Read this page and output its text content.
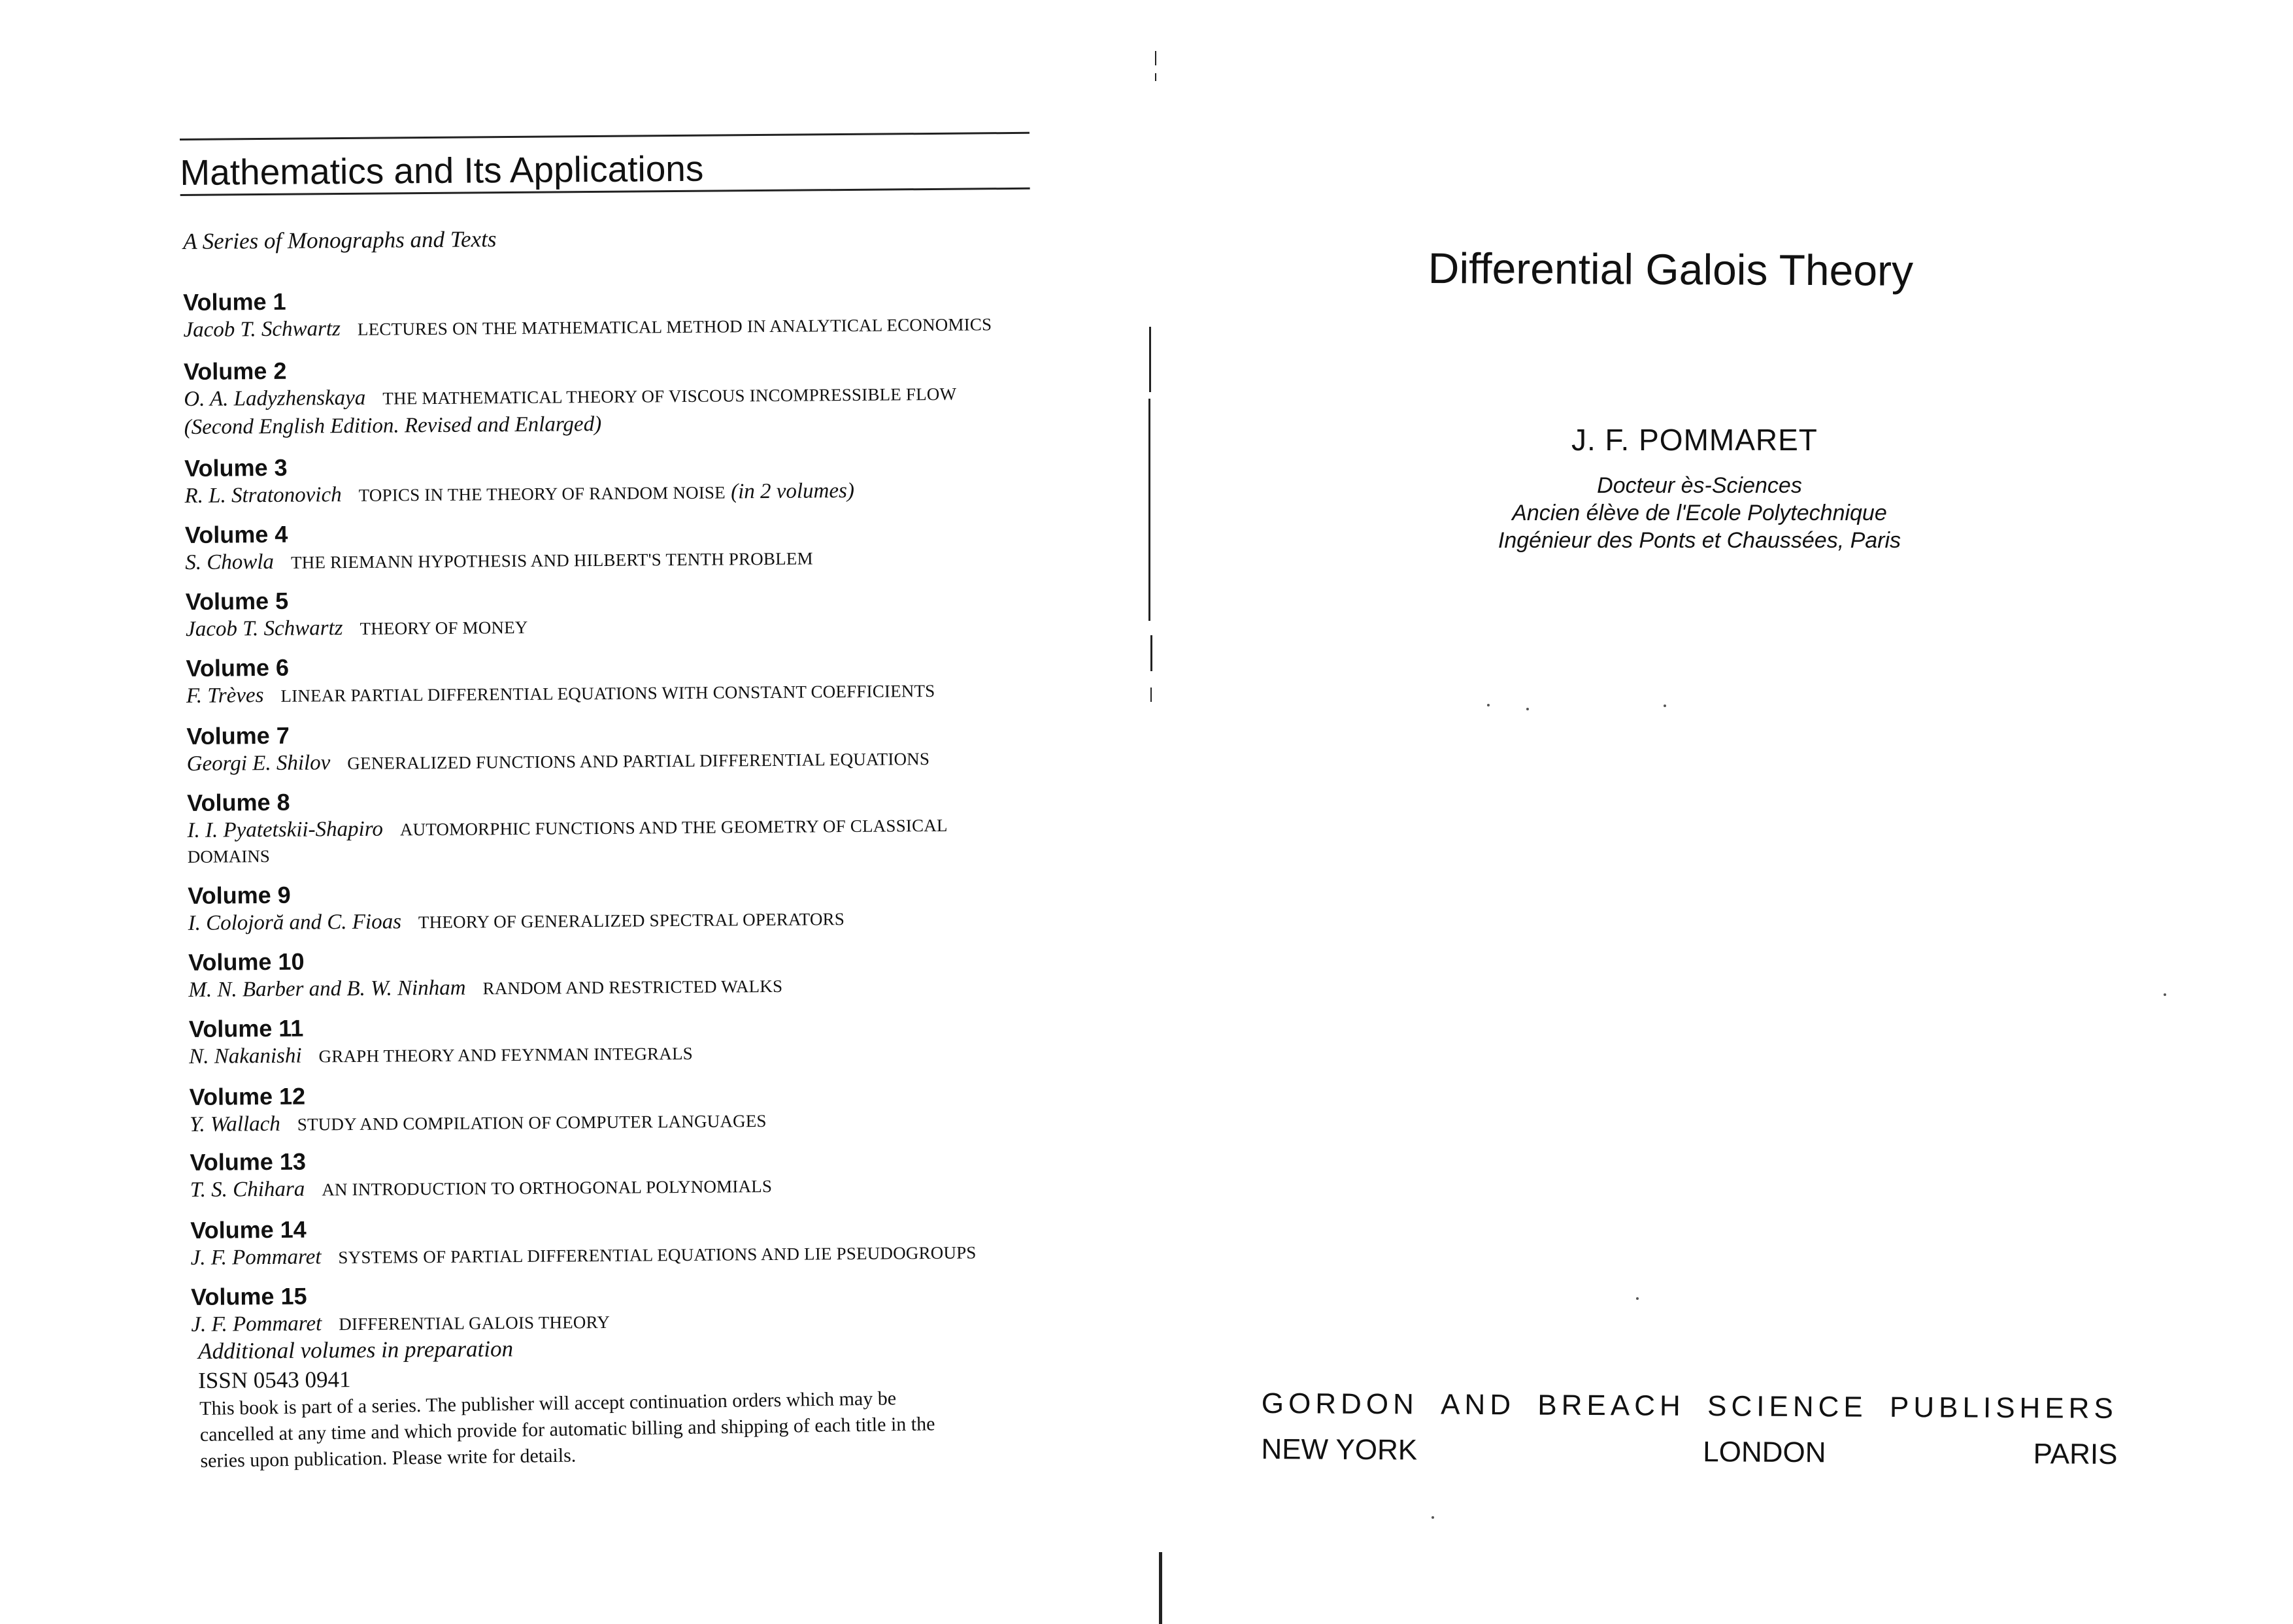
Mathematics and Its Applications
A Series of Monographs and Texts
Volume 1
Jacob T. Schwartz LECTURES ON THE MATHEMATICAL METHOD IN ANALYTICAL ECONOMICS
Volume 2
O. A. Ladyzhenskaya THE MATHEMATICAL THEORY OF VISCOUS INCOMPRESSIBLE FLOW
(Second English Edition. Revised and Enlarged)
Volume 3
R. L. Stratonovich TOPICS IN THE THEORY OF RANDOM NOISE (in 2 volumes)
Volume 4
S. Chowla THE RIEMANN HYPOTHESIS AND HILBERT'S TENTH PROBLEM
Volume 5
Jacob T. Schwartz THEORY OF MONEY
Volume 6
F. Trèves LINEAR PARTIAL DIFFERENTIAL EQUATIONS WITH CONSTANT COEFFICIENTS
Volume 7
Georgi E. Shilov GENERALIZED FUNCTIONS AND PARTIAL DIFFERENTIAL EQUATIONS
Volume 8
I. I. Pyatetskii-Shapiro AUTOMORPHIC FUNCTIONS AND THE GEOMETRY OF CLASSICAL
DOMAINS
Volume 9
I. Colojoră and C. Fioas THEORY OF GENERALIZED SPECTRAL OPERATORS
Volume 10
M. N. Barber and B. W. Ninham RANDOM AND RESTRICTED WALKS
Volume 11
N. Nakanishi GRAPH THEORY AND FEYNMAN INTEGRALS
Volume 12
Y. Wallach STUDY AND COMPILATION OF COMPUTER LANGUAGES
Volume 13
T. S. Chihara AN INTRODUCTION TO ORTHOGONAL POLYNOMIALS
Volume 14
J. F. Pommaret SYSTEMS OF PARTIAL DIFFERENTIAL EQUATIONS AND LIE PSEUDOGROUPS
Volume 15
J. F. Pommaret DIFFERENTIAL GALOIS THEORY
Additional volumes in preparation
ISSN 0543 0941
This book is part of a series. The publisher will accept continuation orders which may be
cancelled at any time and which provide for automatic billing and shipping of each title in the
series upon publication. Please write for details.
Differential Galois Theory
J. F. POMMARET
Docteur ès-Sciences
Ancien élève de l'Ecole Polytechnique
Ingénieur des Ponts et Chaussées, Paris
GORDON AND BREACH SCIENCE PUBLISHERS
NEW YORK	LONDON	PARIS
